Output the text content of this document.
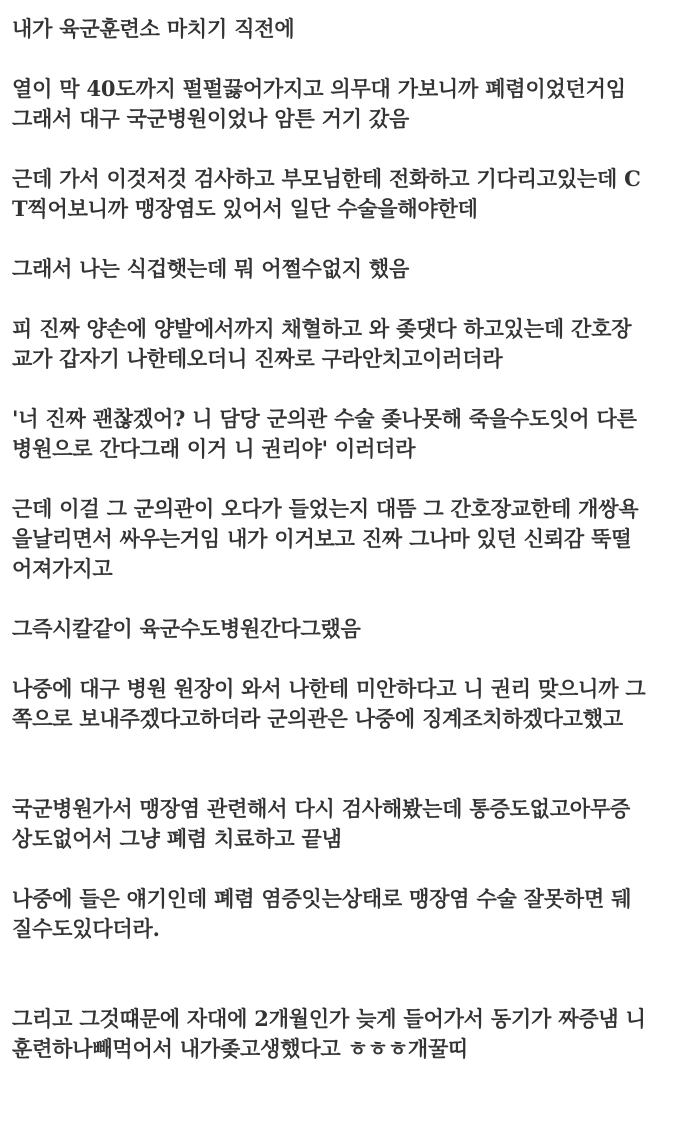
내가 육군훈련소 마치기 직전에

열이 막 40도까지 펄펄끓어가지고 의무대 가보니까 폐렴이었던거임
그래서 대구 국군병원이었나 암튼 거기 갔음

근데 가서 이것저것 검사하고 부모님한테 전화하고 기다리고있는데 C
T찍어보니까 맹장염도 있어서 일단 수술을해야한데

그래서 나는 식겁햇는데 뭐 어쩔수없지 했음

피 진짜 양손에 양발에서까지 채혈하고 와 좆댓다 하고있는데 간호장
교가 갑자기 나한테오더니 진짜로 구라안치고이러더라

'너 진짜 괜찮겠어? 니 담당 군의관 수술 좆나못해 죽을수도잇어 다른
병원으로 간다그래 이거 니 권리야' 이러더라

근데 이걸 그 군의관이 오다가 들었는지 대뜸 그 간호장교한테 개쌍욕
을날리면서 싸우는거임 내가 이거보고 진짜 그나마 있던 신뢰감 뚝떨
어져가지고

그즉시칼같이 육군수도병원간다그랬음

나중에 대구 병원 원장이 와서 나한테 미안하다고 니 권리 맞으니까 그
쪽으로 보내주겠다고하더라 군의관은 나중에 징계조치하겠다고했고

국군병원가서 맹장염 관련해서 다시 검사해봤는데 통증도없고아무증
상도없어서 그냥 폐렴 치료하고 끝냄

나중에 들은 얘기인데 폐렴 염증잇는상태로 맹장염 수술 잘못하면 뒈
질수도있다더라.

그리고 그것떄문에 자대에 2개월인가 늦게 들어가서 동기가 짜증냄 니
훈련하나빼먹어서 내가좆고생했다고 ㅎㅎㅎ개꿀띠
